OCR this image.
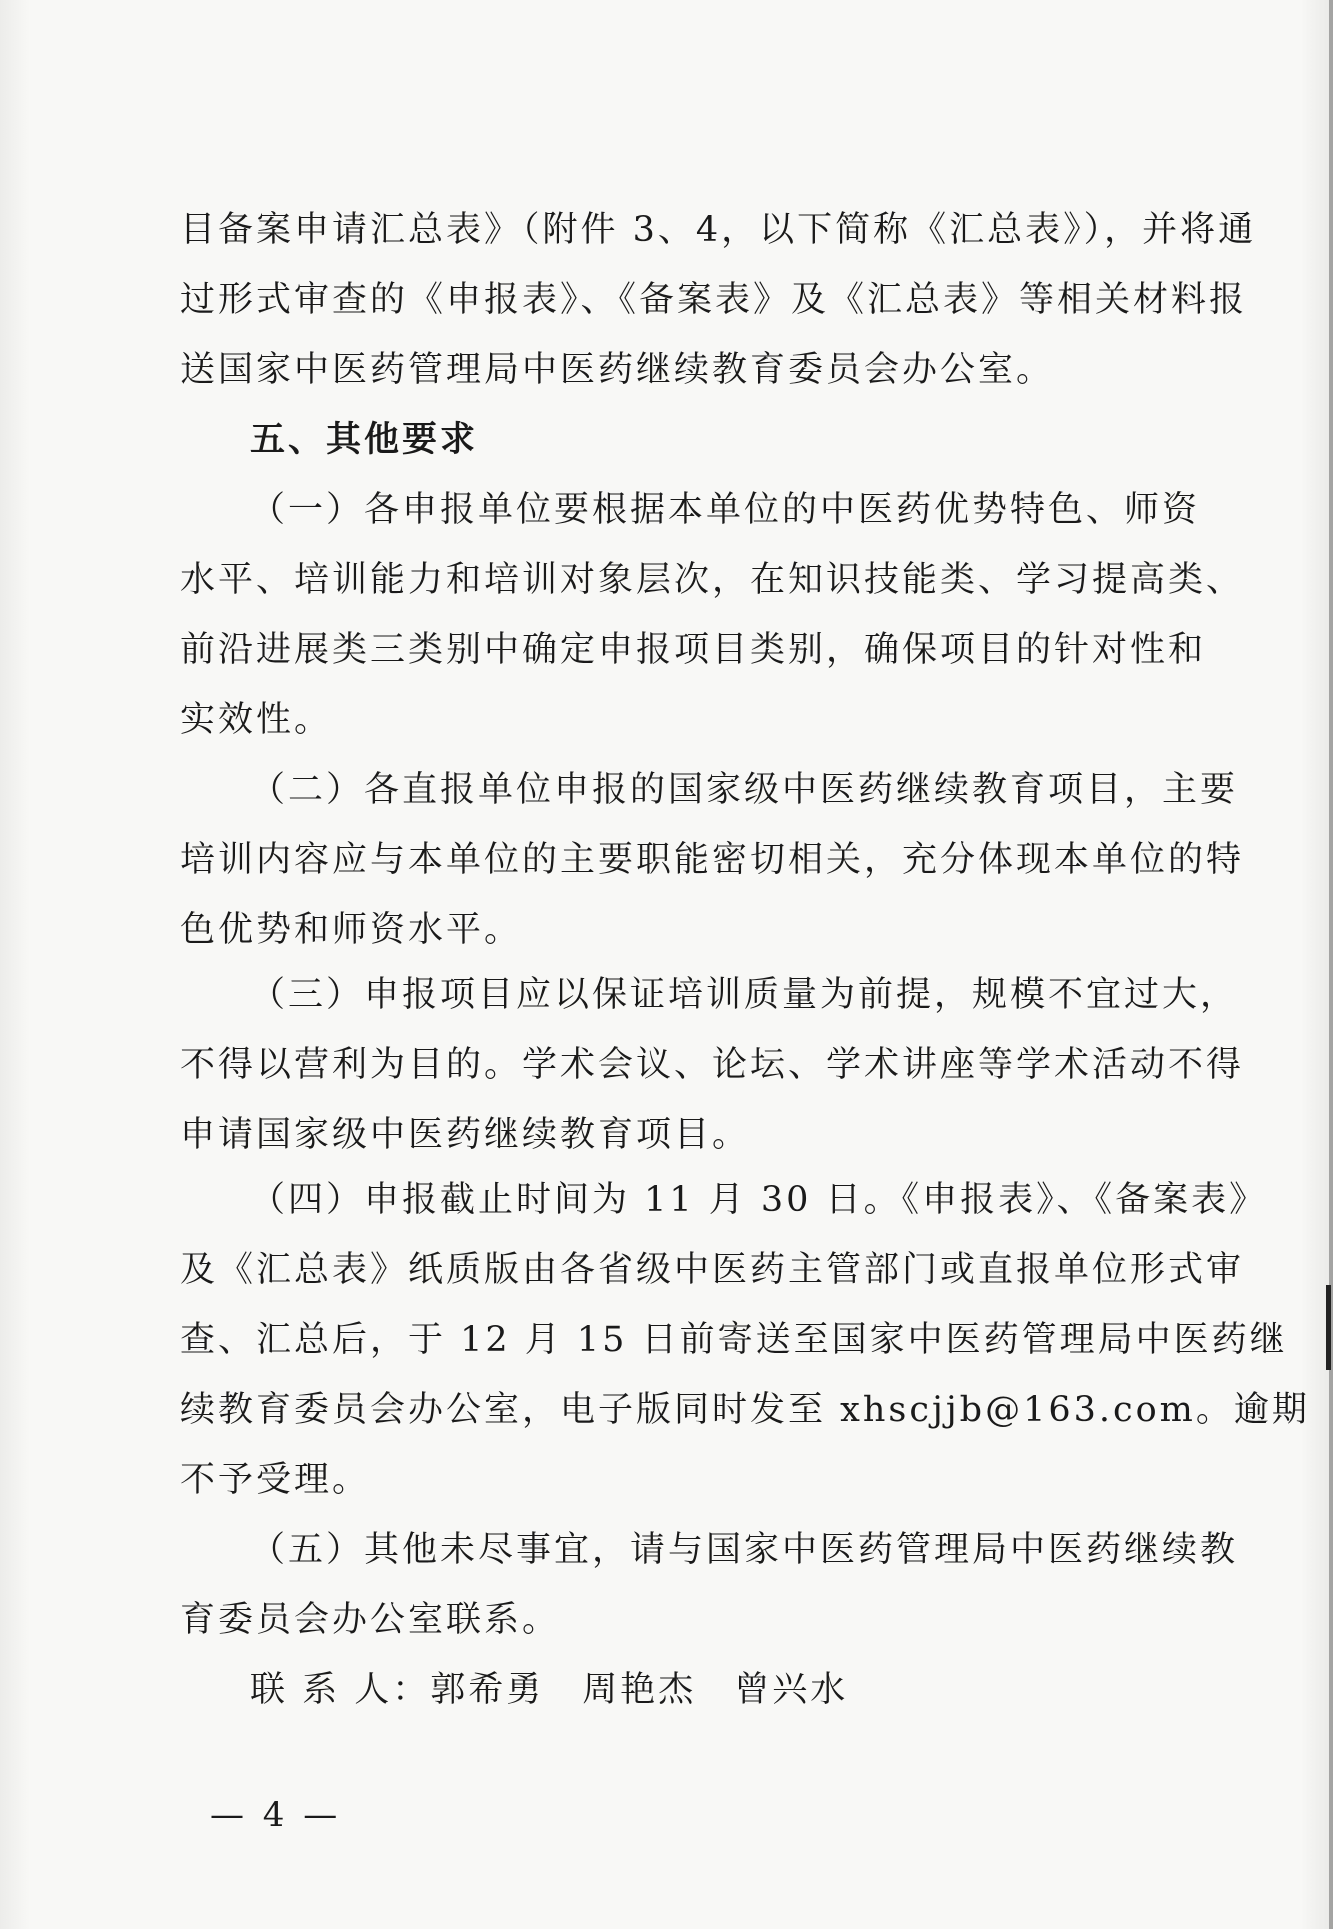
目备案申请汇总表》（附件 3、4，以下简称《汇总表》），并将通
过形式审查的《申报表》、《备案表》及《汇总表》等相关材料报
送国家中医药管理局中医药继续教育委员会办公室。
五、其他要求
（一）各申报单位要根据本单位的中医药优势特色、师资
水平、培训能力和培训对象层次，在知识技能类、学习提高类、
前沿进展类三类别中确定申报项目类别，确保项目的针对性和
实效性。
（二）各直报单位申报的国家级中医药继续教育项目，主要
培训内容应与本单位的主要职能密切相关，充分体现本单位的特
色优势和师资水平。
（三）申报项目应以保证培训质量为前提，规模不宜过大，
不得以营利为目的。学术会议、论坛、学术讲座等学术活动不得
申请国家级中医药继续教育项目。
（四）申报截止时间为 11 月 30 日。《申报表》、《备案表》
及《汇总表》纸质版由各省级中医药主管部门或直报单位形式审
查、汇总后，于 12 月 15 日前寄送至国家中医药管理局中医药继
续教育委员会办公室，电子版同时发至 xhscjjb@163.com。逾期
不予受理。
（五）其他未尽事宜，请与国家中医药管理局中医药继续教
育委员会办公室联系。
联 系 人：郭希勇　周艳杰　曾兴水
— 4 —
